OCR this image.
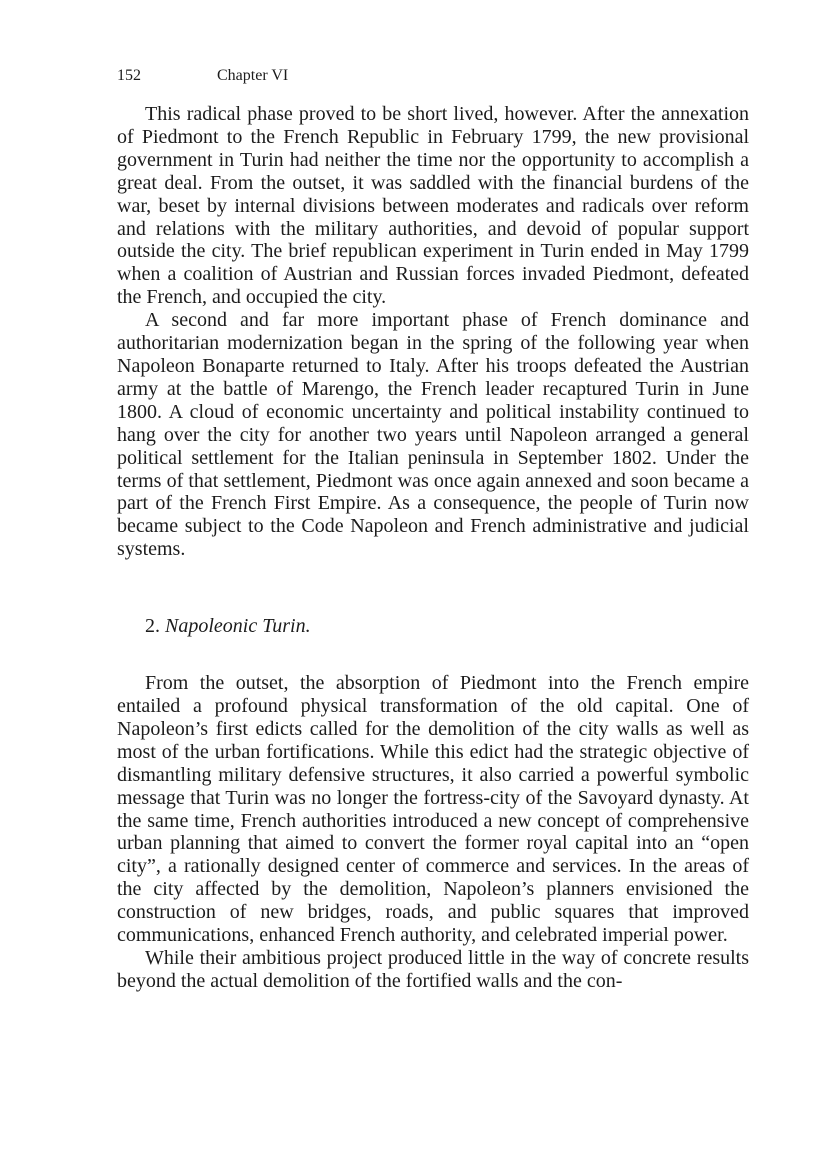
152	Chapter VI

This radical phase proved to be short lived, however. After the annexation of Piedmont to the French Republic in February 1799, the new provisional government in Turin had neither the time nor the opportunity to accomplish a great deal. From the outset, it was saddled with the financial burdens of the war, beset by internal divisions between moderates and radicals over reform and relations with the military authorities, and devoid of popular support outside the city. The brief republican experiment in Turin ended in May 1799 when a coalition of Austrian and Russian forces invaded Piedmont, defeated the French, and occupied the city.

A second and far more important phase of French dominance and authoritarian modernization began in the spring of the following year when Napoleon Bonaparte returned to Italy. After his troops defeated the Austrian army at the battle of Marengo, the French leader recaptured Turin in June 1800. A cloud of economic uncertainty and political instability continued to hang over the city for another two years until Napoleon arranged a general political settlement for the Italian peninsula in September 1802. Under the terms of that settlement, Piedmont was once again annexed and soon became a part of the French First Empire. As a consequence, the people of Turin now became subject to the Code Napoleon and French administrative and judicial systems.

2. Napoleonic Turin.

From the outset, the absorption of Piedmont into the French empire entailed a profound physical transformation of the old capital. One of Napoleon’s first edicts called for the demolition of the city walls as well as most of the urban fortifications. While this edict had the strategic objective of dismantling military defensive structures, it also carried a powerful symbolic message that Turin was no longer the fortress-city of the Savoyard dynasty. At the same time, French authorities introduced a new concept of comprehensive urban planning that aimed to convert the former royal capital into an “open city”, a rationally designed center of commerce and services. In the areas of the city affected by the demolition, Napoleon’s planners envisioned the construction of new bridges, roads, and public squares that improved communications, enhanced French authority, and celebrated imperial power.

While their ambitious project produced little in the way of concrete results beyond the actual demolition of the fortified walls and the con-
